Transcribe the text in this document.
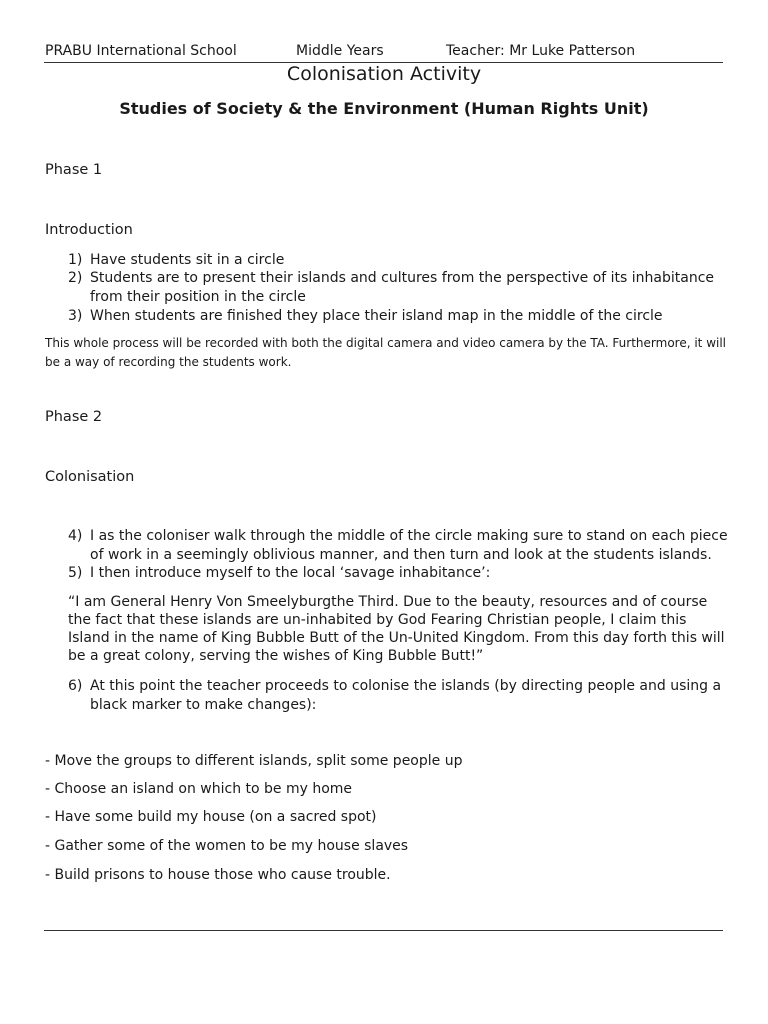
PRABU International School	Middle Years	Teacher: Mr Luke Patterson
Colonisation Activity
Studies of Society & the Environment (Human Rights Unit)
Phase 1
Introduction
1) Have students sit in a circle
2) Students are to present their islands and cultures from the perspective of its inhabitance from their position in the circle
3) When students are finished they place their island map in the middle of the circle
This whole process will be recorded with both the digital camera and video camera by the TA. Furthermore, it will be a way of recording the students work.
Phase 2
Colonisation
4) I as the coloniser walk through the middle of the circle making sure to stand on each piece of work in a seemingly oblivious manner, and then turn and look at the students islands.
5) I then introduce myself to the local ‘savage inhabitance’:
“I am General Henry Von Smeelyburgthe Third. Due to the beauty, resources and of course the fact that these islands are un-inhabited by God Fearing Christian people, I claim this Island in the name of King Bubble Butt of the Un-United Kingdom. From this day forth this will be a great colony, serving the wishes of King Bubble Butt!”
6) At this point the teacher proceeds to colonise the islands (by directing people and using a black marker to make changes):
- Move the groups to different islands, split some people up
- Choose an island on which to be my home
- Have some build my house (on a sacred spot)
- Gather some of the women to be my house slaves
- Build prisons to house those who cause trouble.
